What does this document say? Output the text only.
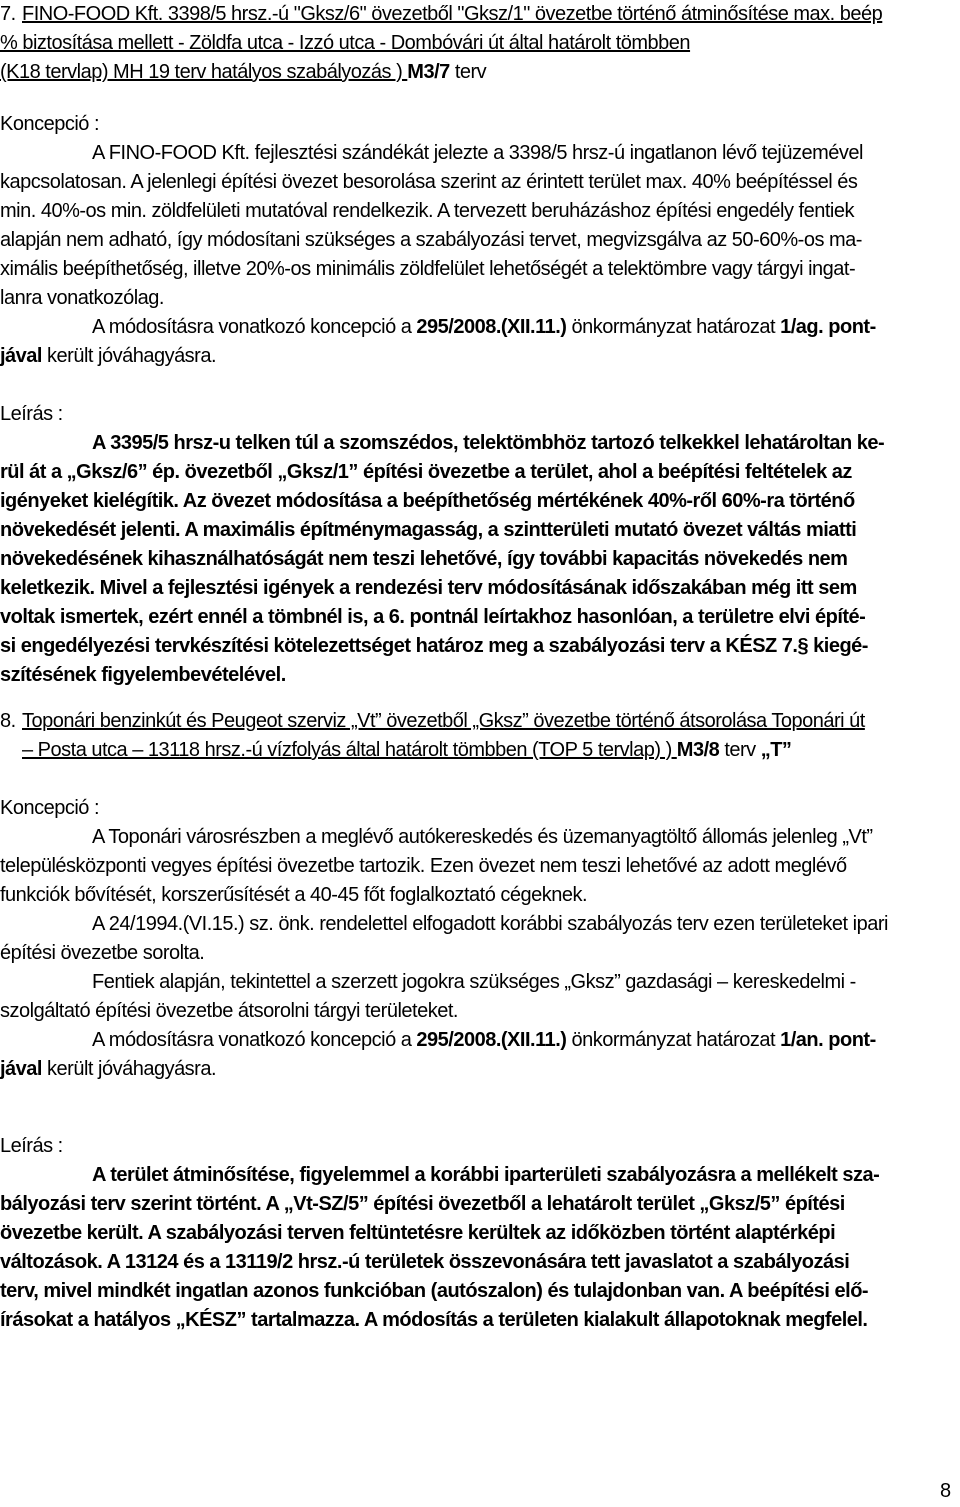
7. FINO-FOOD Kft. 3398/5 hrsz.-ú "Gksz/6" övezetből "Gksz/1" övezetbe történő átminősítése max. beép
% biztosítása mellett - Zöldfa utca - Izzó utca - Dombóvári út által határolt tömbben
(K18 tervlap) MH 19 terv hatályos szabályozás ) M3/7 terv
Koncepció :
A FINO-FOOD Kft. fejlesztési szándékát jelezte a 3398/5 hrsz-ú ingatlanon lévő tejüzemével
kapcsolatosan. A jelenlegi építési övezet besorolása szerint az érintett terület max. 40% beépítéssel és
min. 40%-os min. zöldfelületi mutatóval rendelkezik. A tervezett beruházáshoz építési engedély fentiek
alapján nem adható, így módosítani szükséges a szabályozási tervet, megvizsgálva az 50-60%-os ma-
ximális beépíthetőség, illetve 20%-os minimális zöldfelület lehetőségét a telektömbre vagy tárgyi ingat-
lanra vonatkozólag.
A módosításra vonatkozó koncepció a 295/2008.(XII.11.) önkormányzat határozat 1/ag. pont-
jával került jóváhagyásra.
Leírás :
A 3395/5 hrsz-u telken túl a szomszédos, telektömbhöz tartozó telkekkel lehatároltan ke-
rül át a „Gksz/6” ép. övezetből „Gksz/1” építési övezetbe a terület, ahol a beépítési feltételek az
igényeket kielégítik. Az övezet módosítása a beépíthetőség mértékének 40%-ről 60%-ra történő
növekedését jelenti. A maximális építménymagasság, a szintterületi mutató övezet váltás miatti
növekedésének kihasználhatóságát nem teszi lehetővé, így további kapacitás növekedés nem
keletkezik. Mivel a fejlesztési igények a rendezési terv módosításának időszakában még itt sem
voltak ismertek, ezért ennél a tömbnél is, a 6. pontnál leírtakhoz hasonlóan, a területre elvi építé-
si engedélyezési tervkészítési kötelezettséget határoz meg a szabályozási terv a KÉSZ 7.§ kiegé-
szítésének figyelembevételével.
8. Toponári benzinkút és Peugeot szerviz „Vt” övezetből „Gksz” övezetbe történő átsorolása Toponári út
– Posta utca – 13118 hrsz.-ú vízfolyás által határolt tömbben (TOP 5 tervlap) ) M3/8 terv „T”
Koncepció :
A Toponári városrészben a meglévő autókereskedés és üzemanyagtöltő állomás jelenleg „Vt”
településközponti vegyes építési övezetbe tartozik. Ezen övezet nem teszi lehetővé az adott meglévő
funkciók bővítését, korszerűsítését a 40-45 főt foglalkoztató cégeknek.
A 24/1994.(VI.15.) sz. önk. rendelettel elfogadott korábbi szabályozás terv ezen területeket ipari
építési övezetbe sorolta.
Fentiek alapján, tekintettel a szerzett jogokra szükséges „Gksz” gazdasági – kereskedelmi -
szolgáltató építési övezetbe átsorolni tárgyi területeket.
A módosításra vonatkozó koncepció a 295/2008.(XII.11.) önkormányzat határozat 1/an. pont-
jával került jóváhagyásra.
Leírás :
A terület átminősítése, figyelemmel a korábbi iparterületi szabályozásra a mellékelt sza-
bályozási terv szerint történt. A „Vt-SZ/5” építési övezetből a lehatárolt terület „Gksz/5” építési
övezetbe került. A szabályozási terven feltüntetésre kerültek az időközben történt alaptérképi
változások. A 13124 és a 13119/2 hrsz.-ú területek összevonására tett javaslatot a szabályozási
terv, mivel mindkét ingatlan azonos funkcióban (autószalon) és tulajdonban van. A beépítési elő-
írásokat a hatályos „KÉSZ” tartalmazza. A módosítás a területen kialakult állapotoknak megfelel.
8
